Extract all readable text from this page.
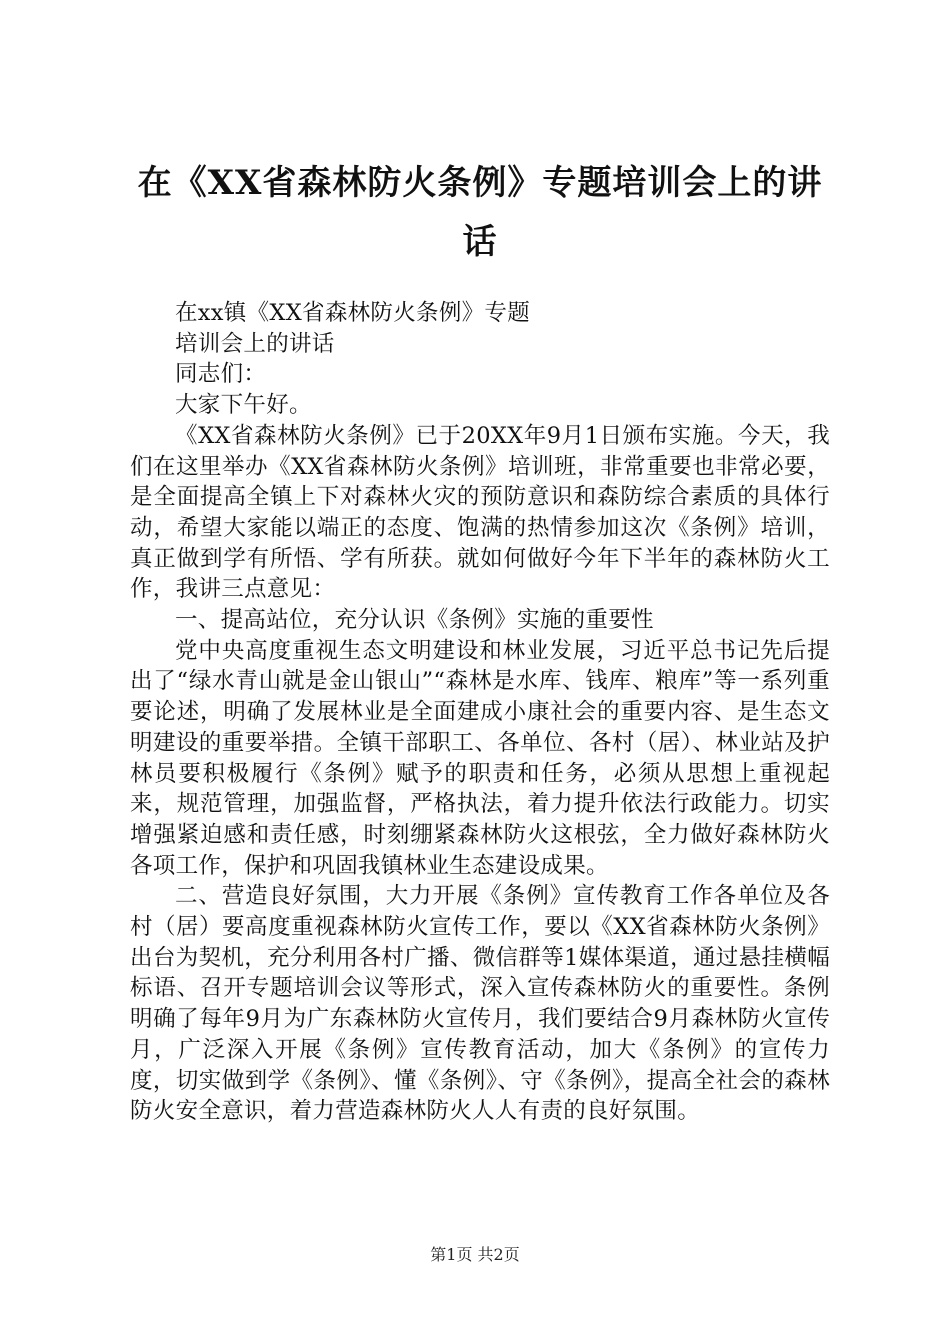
在《XX省森林防火条例》专题培训会上的讲
话

在xx镇《XX省森林防火条例》专题

培训会上的讲话

同志们：

大家下午好。

《XX省森林防火条例》已于20XX年9月1日颁布实施。今天，我们在这里举办《XX省森林防火条例》培训班，非常重要也非常必要，是全面提高全镇上下对森林火灾的预防意识和森防综合素质的具体行动，希望大家能以端正的态度、饱满的热情参加这次《条例》培训，真正做到学有所悟、学有所获。就如何做好今年下半年的森林防火工作，我讲三点意见：

一、提高站位，充分认识《条例》实施的重要性

党中央高度重视生态文明建设和林业发展，习近平总书记先后提出了“绿水青山就是金山银山”“森林是水库、钱库、粮库”等一系列重要论述，明确了发展林业是全面建成小康社会的重要内容、是生态文明建设的重要举措。全镇干部职工、各单位、各村（居）、林业站及护林员要积极履行《条例》赋予的职责和任务，必须从思想上重视起来，规范管理，加强监督，严格执法，着力提升依法行政能力。切实增强紧迫感和责任感，时刻绷紧森林防火这根弦，全力做好森林防火各项工作，保护和巩固我镇林业生态建设成果。

二、营造良好氛围，大力开展《条例》宣传教育工作各单位及各村（居）要高度重视森林防火宣传工作，要以《XX省森林防火条例》出台为契机，充分利用各村广播、微信群等1媒体渠道，通过悬挂横幅标语、召开专题培训会议等形式，深入宣传森林防火的重要性。条例明确了每年9月为广东森林防火宣传月，我们要结合9月森林防火宣传月，广泛深入开展《条例》宣传教育活动，加大《条例》的宣传力度，切实做到学《条例》、懂《条例》、守《条例》，提高全社会的森林防火安全意识，着力营造森林防火人人有责的良好氛围。

第1页 共2页
